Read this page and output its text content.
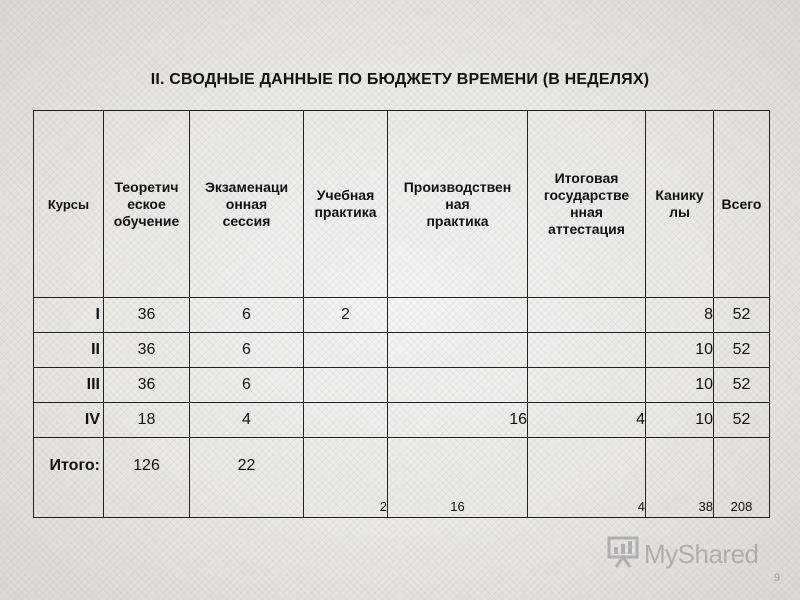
II. СВОДНЫЕ ДАННЫЕ ПО БЮДЖЕТУ ВРЕМЕНИ (В НЕДЕЛЯХ)
Курсы	Теоретич
еское
обучение	Экзаменаци
онная
сессия	Учебная
практика	Производствен
ная
практика	Итоговая
государстве
нная
аттестация	Канику
лы	Всего
I	36	6	2			8	52
II	36	6				10	52
III	36	6				10	52
IV	18	4		16	4	10	52
Итого:	126	22	2	16	4	38	208
MyShared
9
